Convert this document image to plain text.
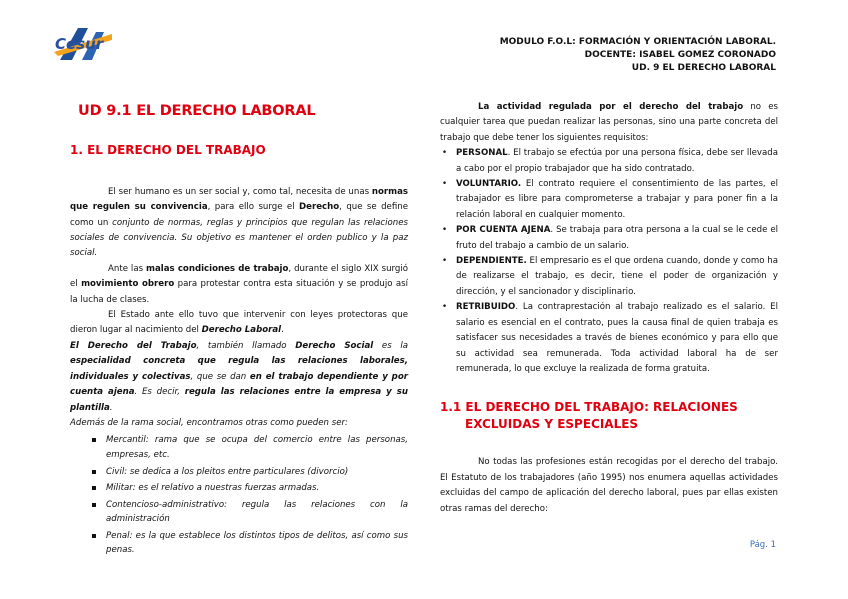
Cesur	MODULO F.O.L: FORMACIÓN Y ORIENTACIÓN LABORAL.
DOCENTE: ISABEL GOMEZ CORONADO
UD. 9 EL DERECHO LABORAL
UD 9.1 EL DERECHO LABORAL
1. EL DERECHO DEL TRABAJO

El ser humano es un ser social y, como tal, necesita de unas normas que regulen su convivencia, para ello surge el Derecho, que se define como un conjunto de normas, reglas y principios que regulan las relaciones sociales de convivencia. Su objetivo es mantener el orden publico y la paz social.

Ante las malas condiciones de trabajo, durante el siglo XIX surgió el movimiento obrero para protestar contra esta situación y se produjo así la lucha de clases.

El Estado ante ello tuvo que intervenir con leyes protectoras que dieron lugar al nacimiento del Derecho Laboral.

El Derecho del Trabajo, también llamado Derecho Social es la especialidad concreta que regula las relaciones laborales, individuales y colectivas, que se dan en el trabajo dependiente y por cuenta ajena. Es decir, regula las relaciones entre la empresa y su plantilla.

Además de la rama social, encontramos otras como pueden ser:

Mercantil: rama que se ocupa del comercio entre las personas, empresas, etc.
Civil: se dedica a los pleitos entre particulares (divorcio)
Militar: es el relativo a nuestras fuerzas armadas.
Contencioso-administrativo: regula las relaciones con la administración
Penal: es la que establece los distintos tipos de delitos, así como sus penas.

La actividad regulada por el derecho del trabajo no es cualquier tarea que puedan realizar las personas, sino una parte concreta del trabajo que debe tener los siguientes requisitos:

• PERSONAL. El trabajo se efectúa por una persona física, debe ser llevada a cabo por el propio trabajador que ha sido contratado.
• VOLUNTARIO. El contrato requiere el consentimiento de las partes, el trabajador es libre para comprometerse a trabajar y para poner fin a la relación laboral en cualquier momento.
• POR CUENTA AJENA. Se trabaja para otra persona a la cual se le cede el fruto del trabajo a cambio de un salario.
• DEPENDIENTE. El empresario es el que ordena cuando, donde y como ha de realizarse el trabajo, es decir, tiene el poder de organización y dirección, y el sancionador y disciplinario.
• RETRIBUIDO. La contraprestación al trabajo realizado es el salario. El salario es esencial en el contrato, pues la causa final de quien trabaja es satisfacer sus necesidades a través de bienes económico y para ello que su actividad sea remunerada. Toda actividad laboral ha de ser remunerada, lo que excluye la realizada de forma gratuita.
1.1 EL DERECHO DEL TRABAJO: RELACIONES EXCLUIDAS Y ESPECIALES

No todas las profesiones están recogidas por el derecho del trabajo. El Estatuto de los trabajadores (año 1995) nos enumera aquellas actividades excluidas del campo de aplicación del derecho laboral, pues par ellas existen otras ramas del derecho:

Pág. 1
